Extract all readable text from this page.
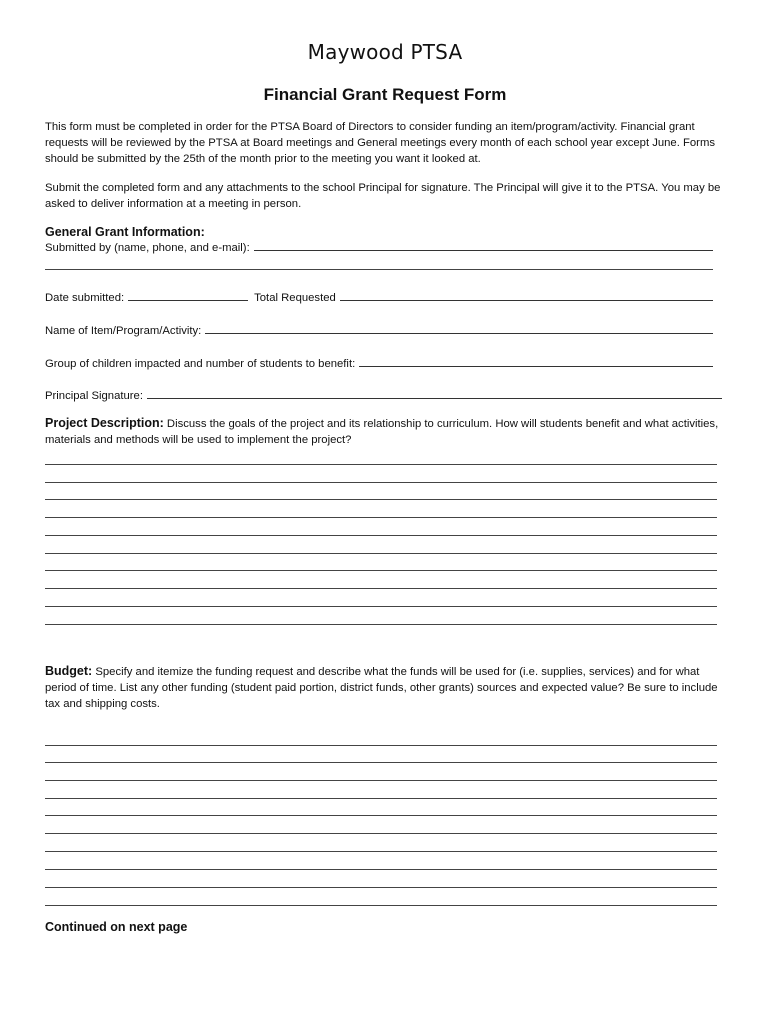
Maywood PTSA
Financial Grant Request Form
This form must be completed in order for the PTSA Board of Directors to consider funding an item/program/activity. Financial grant requests will be reviewed by the PTSA at Board meetings and General meetings every month of each school year except June. Forms should be submitted by the 25th of the month prior to the meeting you want it looked at.
Submit the completed form and any attachments to the school Principal for signature. The Principal will give it to the PTSA. You may be asked to deliver information at a meeting in person.
General Grant Information:
Submitted by (name, phone, and e-mail):
Date submitted:	Total Requested
Name of Item/Program/Activity:
Group of children impacted and number of students to benefit:
Principal Signature:
Project Description: Discuss the goals of the project and its relationship to curriculum. How will students benefit and what activities, materials and methods will be used to implement the project?
Budget: Specify and itemize the funding request and describe what the funds will be used for (i.e. supplies, services) and for what period of time. List any other funding (student paid portion, district funds, other grants) sources and expected value? Be sure to include tax and shipping costs.
Continued on next page
